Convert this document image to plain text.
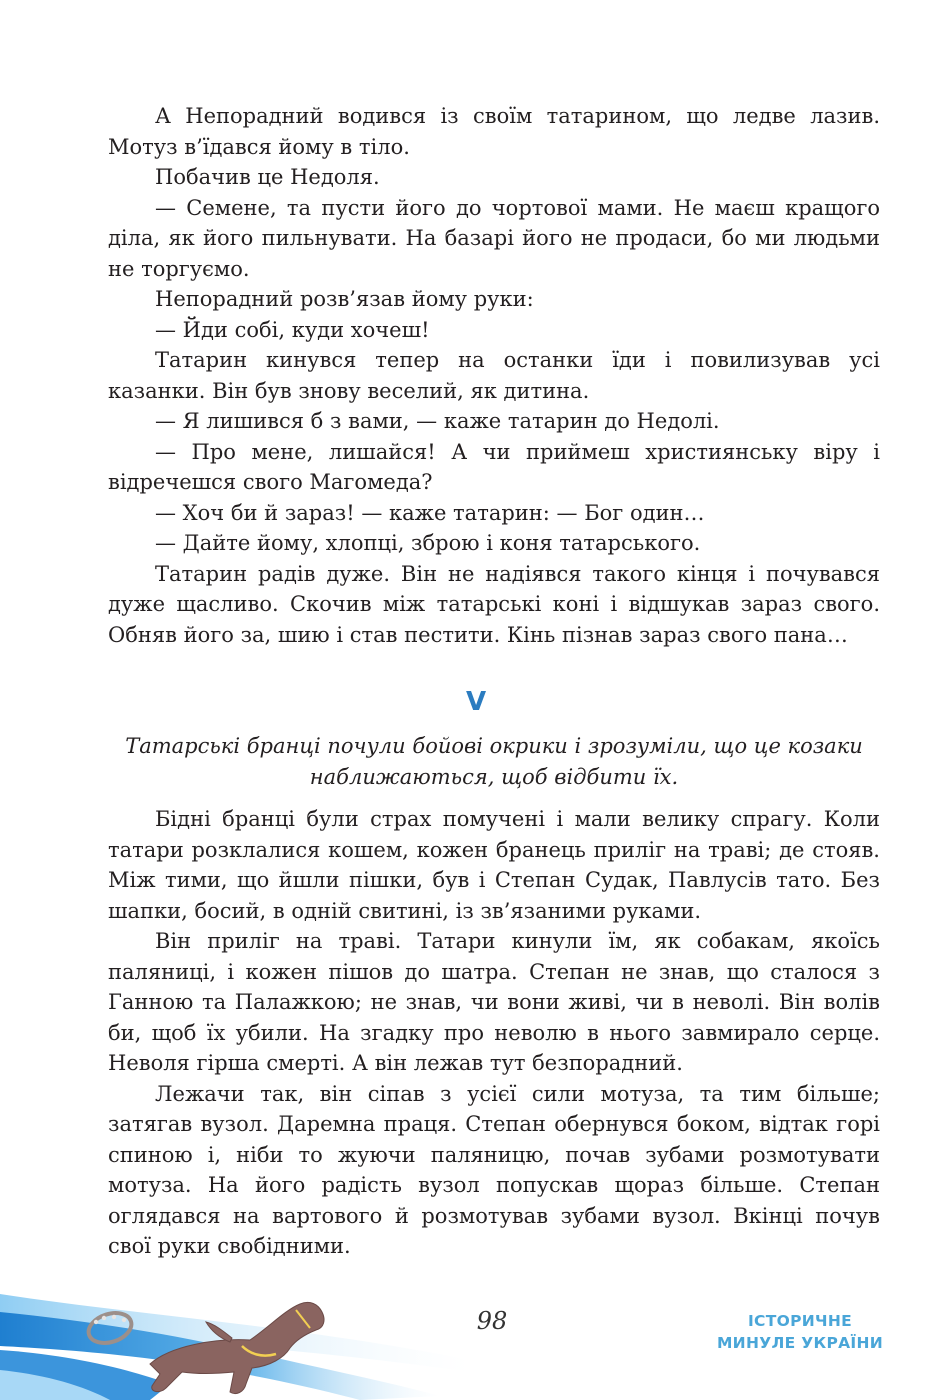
А Непорадний водився із своїм татарином, що ледве лазив. Мотуз в’їдався йому в тіло.

Побачив це Недоля.

— Семене, та пусти його до чортової мами. Не маєш кращого діла, як його пильнувати. На базарі його не продаси, бо ми людьми не торгуємо.

Непорадний розв’язав йому руки:

— Йди собі, куди хочеш!

Татарин кинувся тепер на останки їди і повилизував усі казанки. Він був знову веселий, як дитина.

— Я лишився б з вами, — каже татарин до Недолі.

— Про мене, лишайся! А чи приймеш християнську віру і відречешся свого Магомеда?

— Хоч би й зараз! — каже татарин: — Бог один…

— Дайте йому, хлопці, зброю і коня татарського.

Татарин радів дуже. Він не надіявся такого кінця і почувався дуже щасливо. Скочив між татарські коні і відшукав зараз свого. Обняв його за, шию і став пестити. Кінь пізнав зараз свого пана…

V
Татарські бранці почули бойові окрики і зрозуміли, що це козаки наближаються, щоб відбити їх.

Бідні бранці були страх помучені і мали велику спрагу. Коли татари розклалися кошем, кожен бранець приліг на траві; де стояв. Між тими, що йшли пішки, був і Степан Судак, Павлусів тато. Без шапки, босий, в одній свитині, із зв’язаними руками.

Він приліг на траві. Татари кинули їм, як собакам, якоїсь паляниці, і кожен пішов до шатра. Степан не знав, що сталося з Ганною та Палажкою; не знав, чи вони живі, чи в неволі. Він волів би, щоб їх убили. На згадку про неволю в нього завмирало серце. Неволя гірша смерті. А він лежав тут безпорадний.

Лежачи так, він сіпав з усієї сили мотуза, та тим більше; затягав вузол. Даремна праця. Степан обернувся боком, відтак горі спиною і, ніби то жуючи паляницю, почав зубами розмотувати мотуза. На його радість вузол попускав щораз більше. Степан оглядався на вартового й розмотував зубами вузол. Вкінці почув свої руки свобідними.

98	ІСТОРИЧНЕ
МИНУЛЕ УКРАЇНИ
